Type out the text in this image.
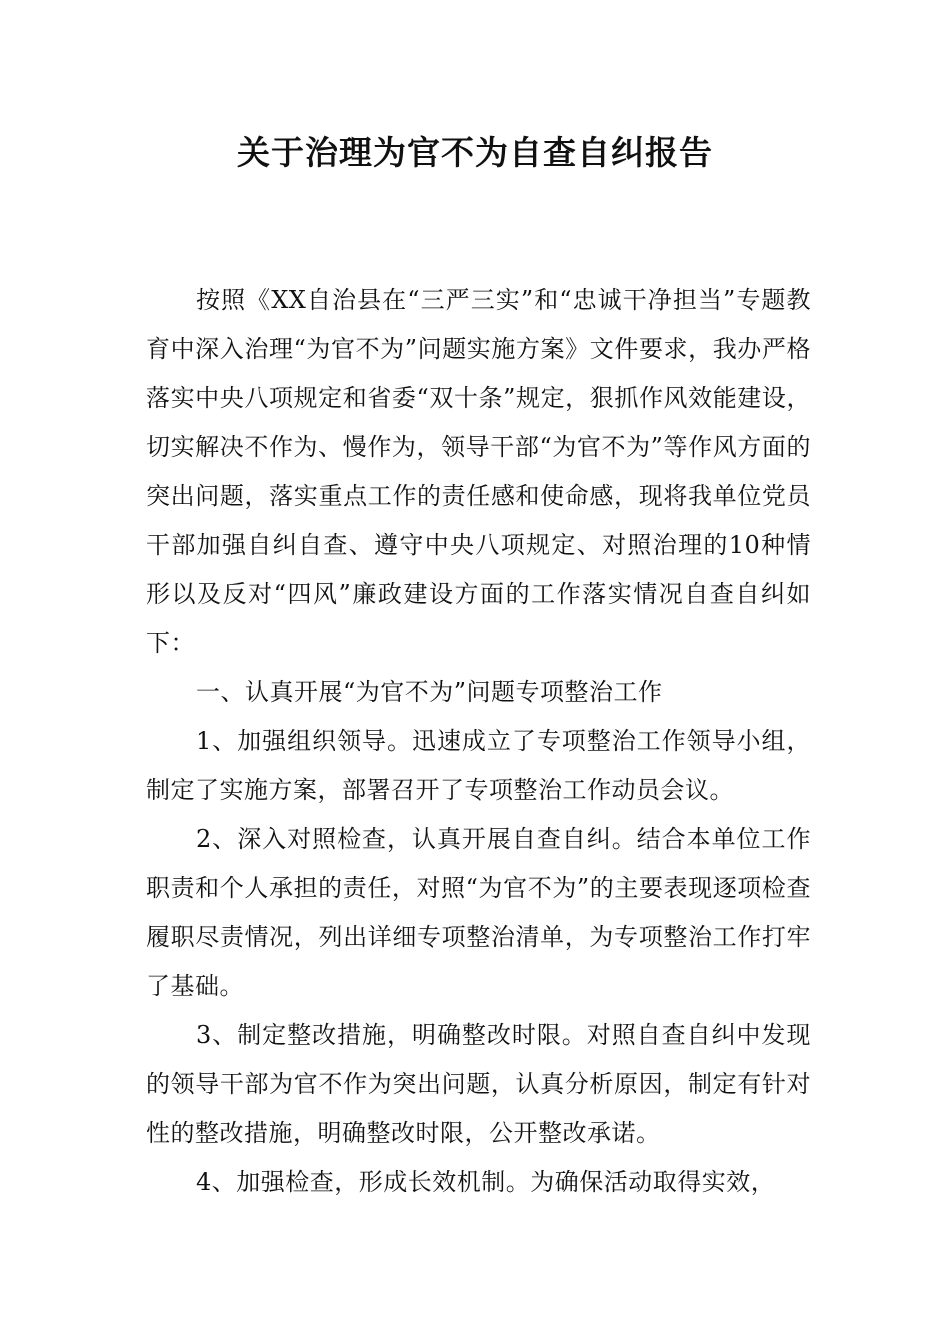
关于治理为官不为自查自纠报告

按照《XX自治县在“三严三实”和“忠诚干净担当”专题教育中深入治理“为官不为”问题实施方案》文件要求，我办严格落实中央八项规定和省委“双十条”规定，狠抓作风效能建设，切实解决不作为、慢作为，领导干部“为官不为”等作风方面的突出问题，落实重点工作的责任感和使命感，现将我单位党员干部加强自纠自查、遵守中央八项规定、对照治理的10种情形以及反对“四风”廉政建设方面的工作落实情况自查自纠如下：

一、认真开展“为官不为”问题专项整治工作

1、加强组织领导。迅速成立了专项整治工作领导小组，制定了实施方案，部署召开了专项整治工作动员会议。

2、深入对照检查，认真开展自查自纠。结合本单位工作职责和个人承担的责任，对照“为官不为”的主要表现逐项检查履职尽责情况，列出详细专项整治清单，为专项整治工作打牢了基础。

3、制定整改措施，明确整改时限。对照自查自纠中发现的领导干部为官不作为突出问题，认真分析原因，制定有针对性的整改措施，明确整改时限，公开整改承诺。

4、加强检查，形成长效机制。为确保活动取得实效，
